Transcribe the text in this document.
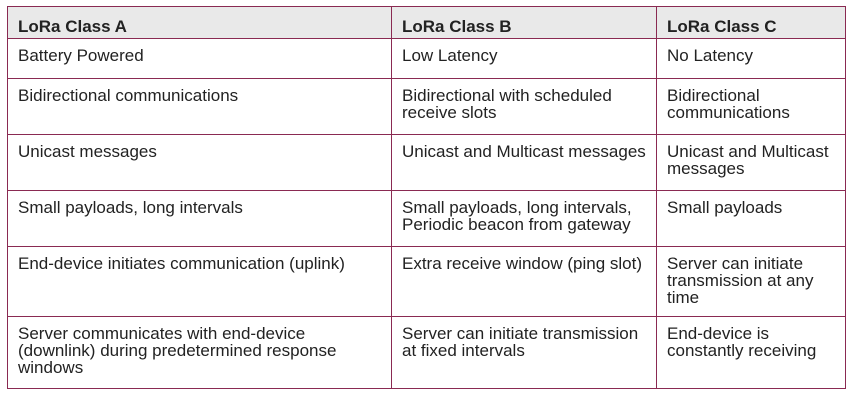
LoRa Class A	LoRa Class B	LoRa Class C
Battery Powered	Low Latency	No Latency
Bidirectional communications	Bidirectional with scheduled receive slots	Bidirectional communications
Unicast messages	Unicast and Multicast messages	Unicast and Multicast messages
Small payloads, long intervals	Small payloads, long intervals, Periodic beacon from gateway	Small payloads
End-device initiates communication (uplink)	Extra receive window (ping slot)	Server can initiate transmission at any time
Server communicates with end-device (downlink) during predetermined response windows	Server can initiate transmission at fixed intervals	End-device is constantly receiving
